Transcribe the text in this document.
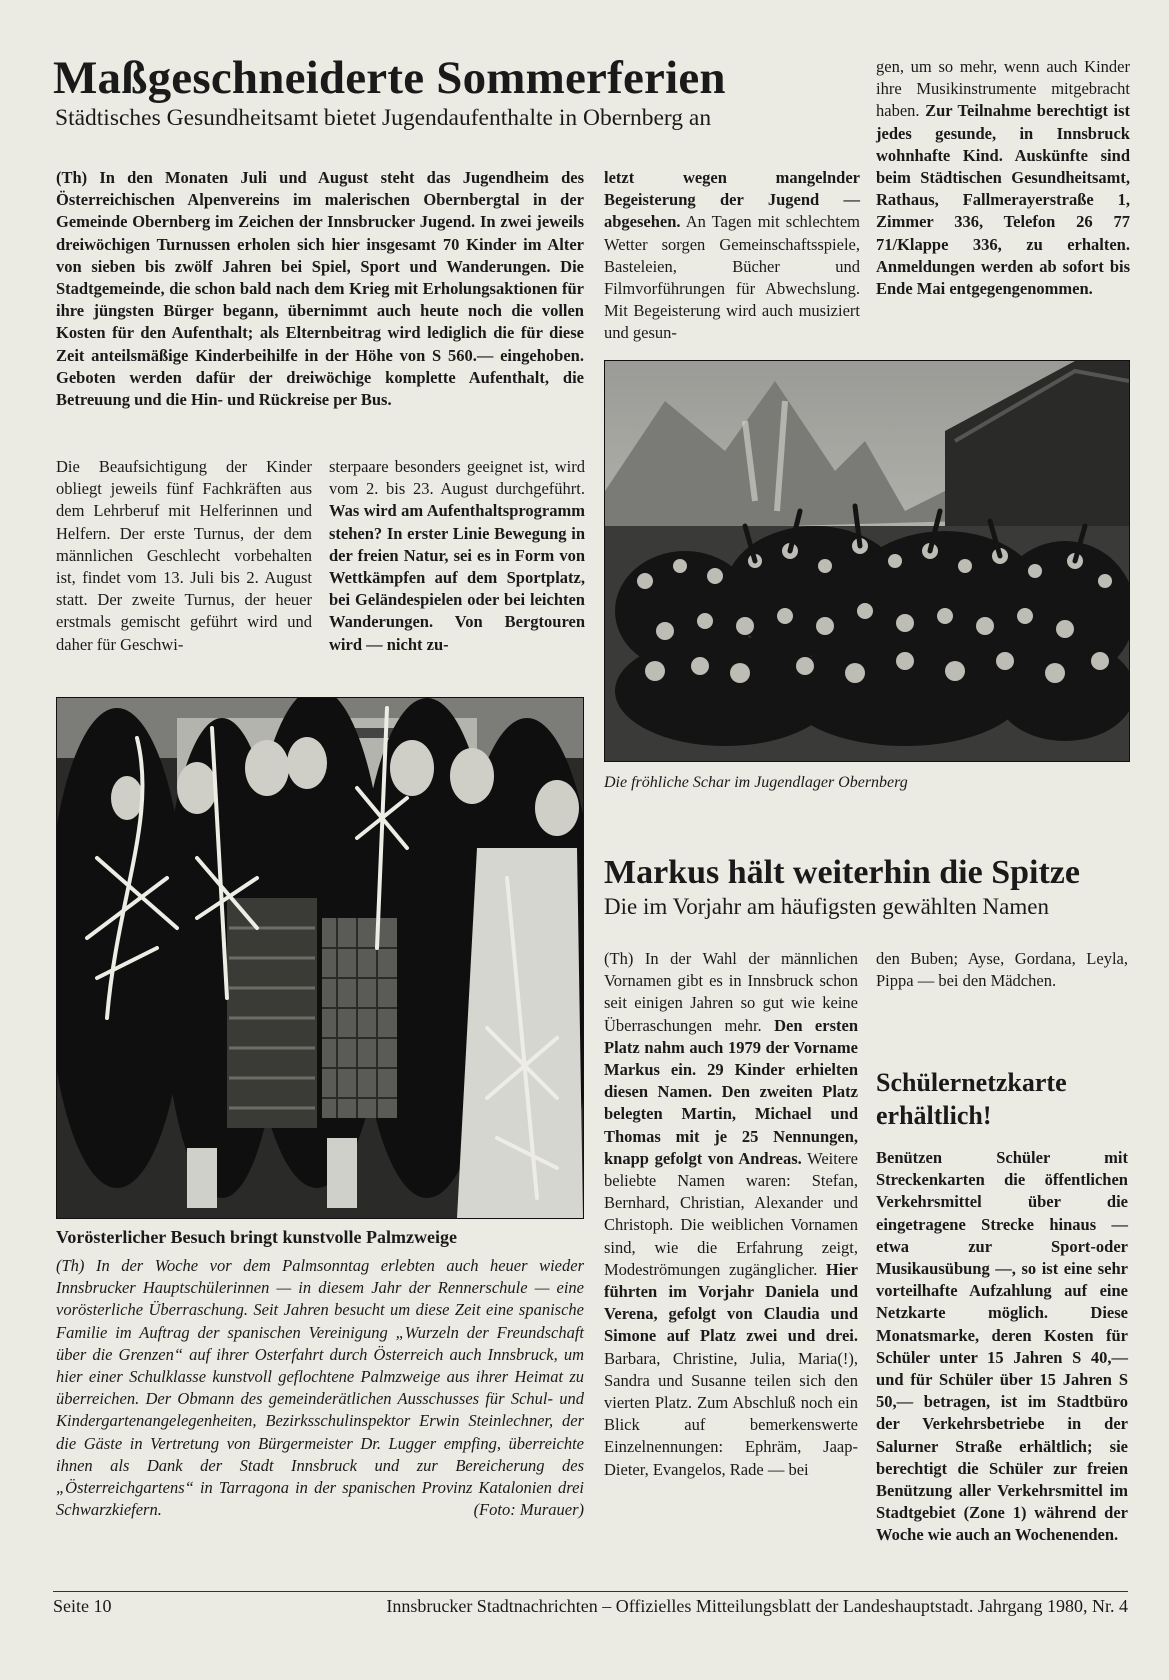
Maßgeschneiderte Sommerferien
Städtisches Gesundheitsamt bietet Jugendaufenthalte in Obernberg an
(Th) In den Monaten Juli und August steht das Jugendheim des Österreichischen Alpenvereins im malerischen Obernbergtal in der Gemeinde Obernberg im Zeichen der Innsbrucker Jugend. In zwei jeweils dreiwöchigen Turnussen erholen sich hier insgesamt 70 Kinder im Alter von sieben bis zwölf Jahren bei Spiel, Sport und Wanderungen. Die Stadtgemeinde, die schon bald nach dem Krieg mit Erholungsaktionen für ihre jüngsten Bürger begann, übernimmt auch heute noch die vollen Kosten für den Aufenthalt; als Elternbeitrag wird lediglich die für diese Zeit anteilsmäßige Kinderbeihilfe in der Höhe von S 560.— eingehoben. Geboten werden dafür der dreiwöchige komplette Aufenthalt, die Betreuung und die Hin- und Rückreise per Bus.

Die Beaufsichtigung der Kinder obliegt jeweils fünf Fachkräften aus dem Lehrberuf mit Helferinnen und Helfern. Der erste Turnus, der dem männlichen Geschlecht vorbehalten ist, findet vom 13. Juli bis 2. August statt. Der zweite Turnus, der heuer erstmals gemischt geführt wird und daher für Geschwi-

sterpaare besonders geeignet ist, wird vom 2. bis 23. August durchgeführt. Was wird am Aufenthaltsprogramm stehen? In erster Linie Bewegung in der freien Natur, sei es in Form von Wettkämpfen auf dem Sportplatz, bei Geländespielen oder bei leichten Wanderungen. Von Bergtouren wird — nicht zu-
letzt wegen mangelnder Begeisterung der Jugend — abgesehen. An Tagen mit schlechtem Wetter sorgen Gemeinschaftsspiele, Basteleien, Bücher und Filmvorführungen für Abwechslung. Mit Begeisterung wird auch musiziert und gesun-
gen, um so mehr, wenn auch Kinder ihre Musikinstrumente mitgebracht haben. Zur Teilnahme berechtigt ist jedes gesunde, in Innsbruck wohnhafte Kind. Auskünfte sind beim Städtischen Gesundheitsamt, Rathaus, Fallmerayerstraße 1, Zimmer 336, Telefon 26 77 71/Klappe 336, zu erhalten. Anmeldungen werden ab sofort bis Ende Mai entgegengenommen.
Die fröhliche Schar im Jugendlager Obernberg
Vorösterlicher Besuch bringt kunstvolle Palmzweige
(Th) In der Woche vor dem Palmsonntag erlebten auch heuer wieder Innsbrucker Hauptschülerinnen — in diesem Jahr der Rennerschule — eine vorösterliche Überraschung. Seit Jahren besucht um diese Zeit eine spanische Familie im Auftrag der spanischen Vereinigung „Wurzeln der Freundschaft über die Grenzen“ auf ihrer Osterfahrt durch Österreich auch Innsbruck, um hier einer Schulklasse kunstvoll geflochtene Palmzweige aus ihrer Heimat zu überreichen. Der Obmann des gemeinderätlichen Ausschusses für Schul- und Kindergartenangelegenheiten, Bezirksschulinspektor Erwin Steinlechner, der die Gäste in Vertretung von Bürgermeister Dr. Lugger empfing, überreichte ihnen als Dank der Stadt Innsbruck und zur Bereicherung des „Österreichgartens“ in Tarragona in der spanischen Provinz Katalonien drei Schwarzkiefern.	(Foto: Murauer)
Markus hält weiterhin die Spitze
Die im Vorjahr am häufigsten gewählten Namen
(Th) In der Wahl der männlichen Vornamen gibt es in Innsbruck schon seit einigen Jahren so gut wie keine Überraschungen mehr. Den ersten Platz nahm auch 1979 der Vorname Markus ein. 29 Kinder erhielten diesen Namen. Den zweiten Platz belegten Martin, Michael und Thomas mit je 25 Nennungen, knapp gefolgt von Andreas. Weitere beliebte Namen waren: Stefan, Bernhard, Christian, Alexander und Christoph. Die weiblichen Vornamen sind, wie die Erfahrung zeigt, Modeströmungen zugänglicher. Hier führten im Vorjahr Daniela und Verena, gefolgt von Claudia und Simone auf Platz zwei und drei. Barbara, Christine, Julia, Maria(!), Sandra und Susanne teilen sich den vierten Platz. Zum Abschluß noch ein Blick auf bemerkenswerte Einzelnennungen: Ephräm, Jaap-Dieter, Evangelos, Rade — bei
den Buben; Ayse, Gordana, Leyla, Pippa — bei den Mädchen.
Schülernetzkarte erhältlich!
Benützen Schüler mit Streckenkarten die öffentlichen Verkehrsmittel über die eingetragene Strecke hinaus — etwa zur Sport-oder Musikausübung —, so ist eine sehr vorteilhafte Aufzahlung auf eine Netzkarte möglich. Diese Monatsmarke, deren Kosten für Schüler unter 15 Jahren S 40,— und für Schüler über 15 Jahren S 50,— betragen, ist im Stadtbüro der Verkehrsbetriebe in der Salurner Straße erhältlich; sie berechtigt die Schüler zur freien Benützung aller Verkehrsmittel im Stadtgebiet (Zone 1) während der Woche wie auch an Wochenenden.
Seite 10	Innsbrucker Stadtnachrichten – Offizielles Mitteilungsblatt der Landeshauptstadt. Jahrgang 1980, Nr. 4
